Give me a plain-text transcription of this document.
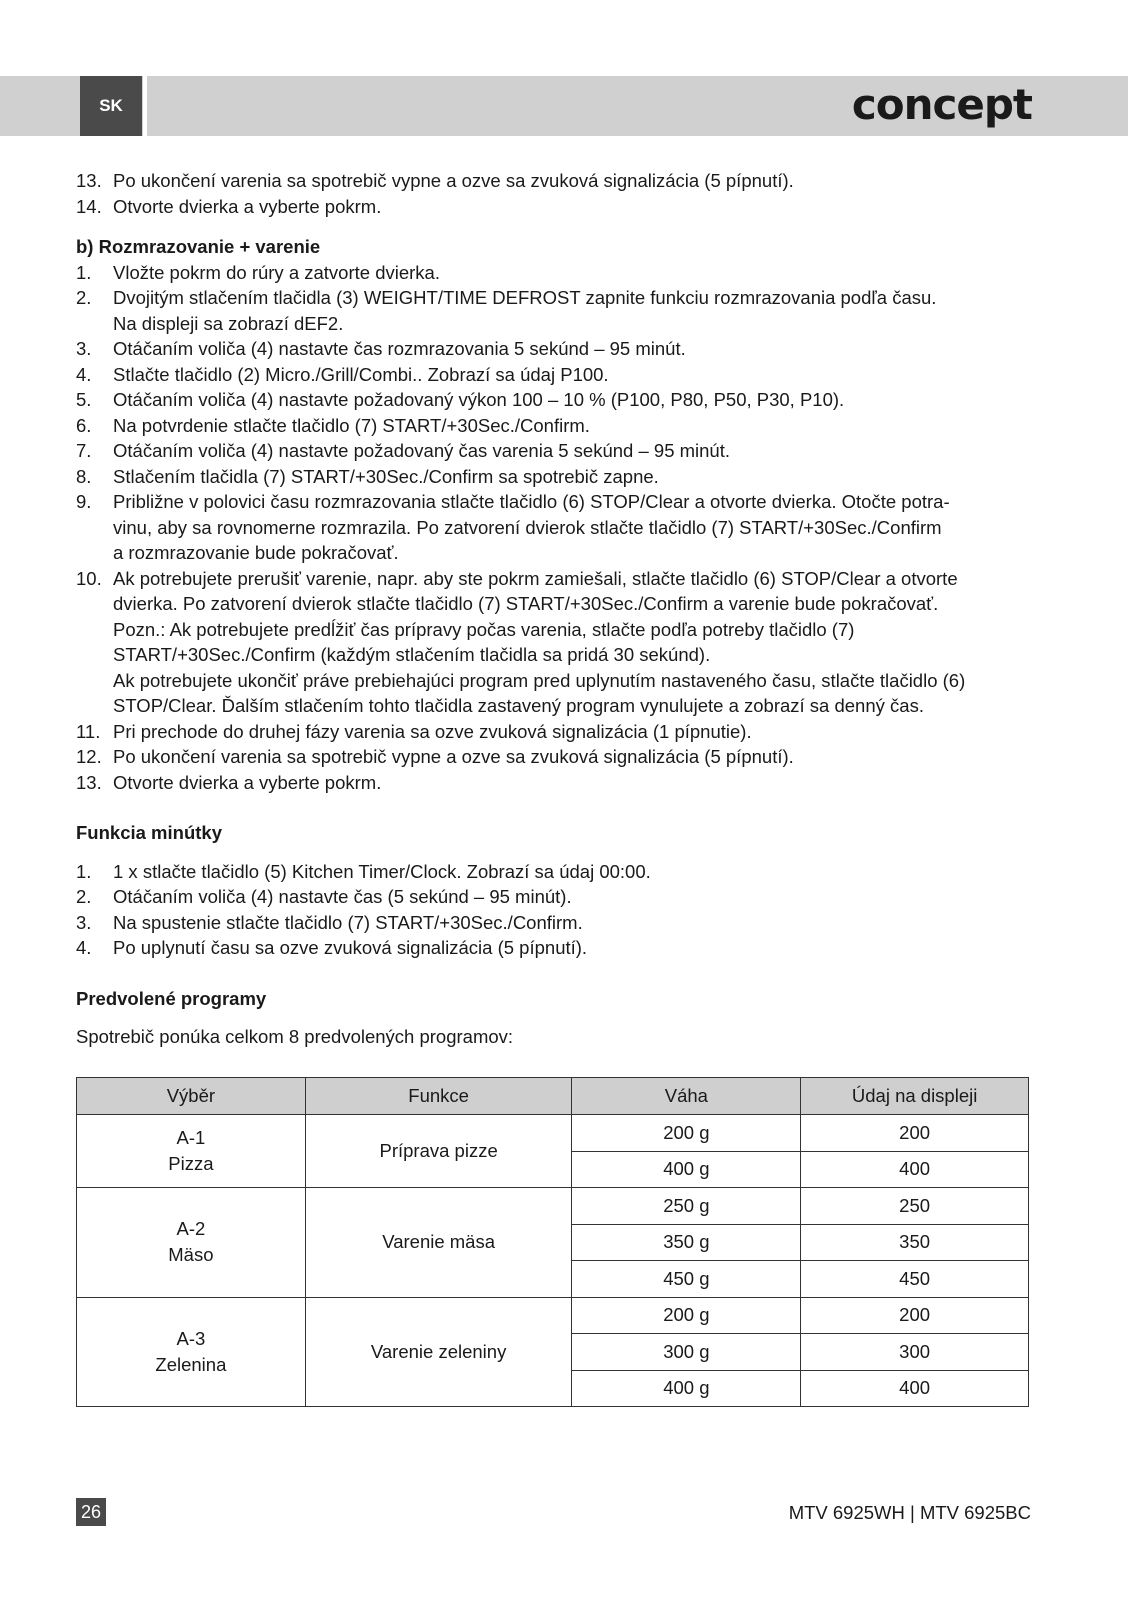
SK	concept
13. Po ukončení varenia sa spotrebič vypne a ozve sa zvuková signalizácia (5 pípnutí).
14. Otvorte dvierka a vyberte pokrm.
b) Rozmrazovanie + varenie
1. Vložte pokrm do rúry a zatvorte dvierka.
2. Dvojitým stlačením tlačidla (3) WEIGHT/TIME DEFROST zapnite funkciu rozmrazovania podľa času.
Na displeji sa zobrazí dEF2.
3. Otáčaním voliča (4) nastavte čas rozmrazovania 5 sekúnd – 95 minút.
4. Stlačte tlačidlo (2) Micro./Grill/Combi.. Zobrazí sa údaj P100.
5. Otáčaním voliča (4) nastavte požadovaný výkon 100 – 10 % (P100, P80, P50, P30, P10).
6. Na potvrdenie stlačte tlačidlo (7) START/+30Sec./Confirm.
7. Otáčaním voliča (4) nastavte požadovaný čas varenia 5 sekúnd – 95 minút.
8. Stlačením tlačidla (7) START/+30Sec./Confirm sa spotrebič zapne.
9. Približne v polovici času rozmrazovania stlačte tlačidlo (6) STOP/Clear a otvorte dvierka. Otočte potra-
vinu, aby sa rovnomerne rozmrazila. Po zatvorení dvierok stlačte tlačidlo (7) START/+30Sec./Confirm
a rozmrazovanie bude pokračovať.
10. Ak potrebujete prerušiť varenie, napr. aby ste pokrm zamiešali, stlačte tlačidlo (6) STOP/Clear a otvorte
dvierka. Po zatvorení dvierok stlačte tlačidlo (7) START/+30Sec./Confirm a varenie bude pokračovať.
Pozn.: Ak potrebujete predĺžiť čas prípravy počas varenia, stlačte podľa potreby tlačidlo (7)
START/+30Sec./Confirm (každým stlačením tlačidla sa pridá 30 sekúnd).
Ak potrebujete ukončiť práve prebiehajúci program pred uplynutím nastaveného času, stlačte tlačidlo (6)
STOP/Clear. Ďalším stlačením tohto tlačidla zastavený program vynulujete a zobrazí sa denný čas.
11. Pri prechode do druhej fázy varenia sa ozve zvuková signalizácia (1 pípnutie).
12. Po ukončení varenia sa spotrebič vypne a ozve sa zvuková signalizácia (5 pípnutí).
13. Otvorte dvierka a vyberte pokrm.
Funkcia minútky
1. 1 x stlačte tlačidlo (5) Kitchen Timer/Clock. Zobrazí sa údaj 00:00.
2. Otáčaním voliča (4) nastavte čas (5 sekúnd – 95 minút).
3. Na spustenie stlačte tlačidlo (7) START/+30Sec./Confirm.
4. Po uplynutí času sa ozve zvuková signalizácia (5 pípnutí).
Predvolené programy
Spotrebič ponúka celkom 8 predvolených programov:
Výběr	Funkce	Váha	Údaj na displeji

A-1
Pizza	Príprava pizze	200 g	200
		400 g	400

A-2
Mäso	Varenie mäsa	250 g	250
		350 g	350
		450 g	450

A-3
Zelenina	Varenie zeleniny	200 g	200
		300 g	300
		400 g	400
26	MTV 6925WH | MTV 6925BC
